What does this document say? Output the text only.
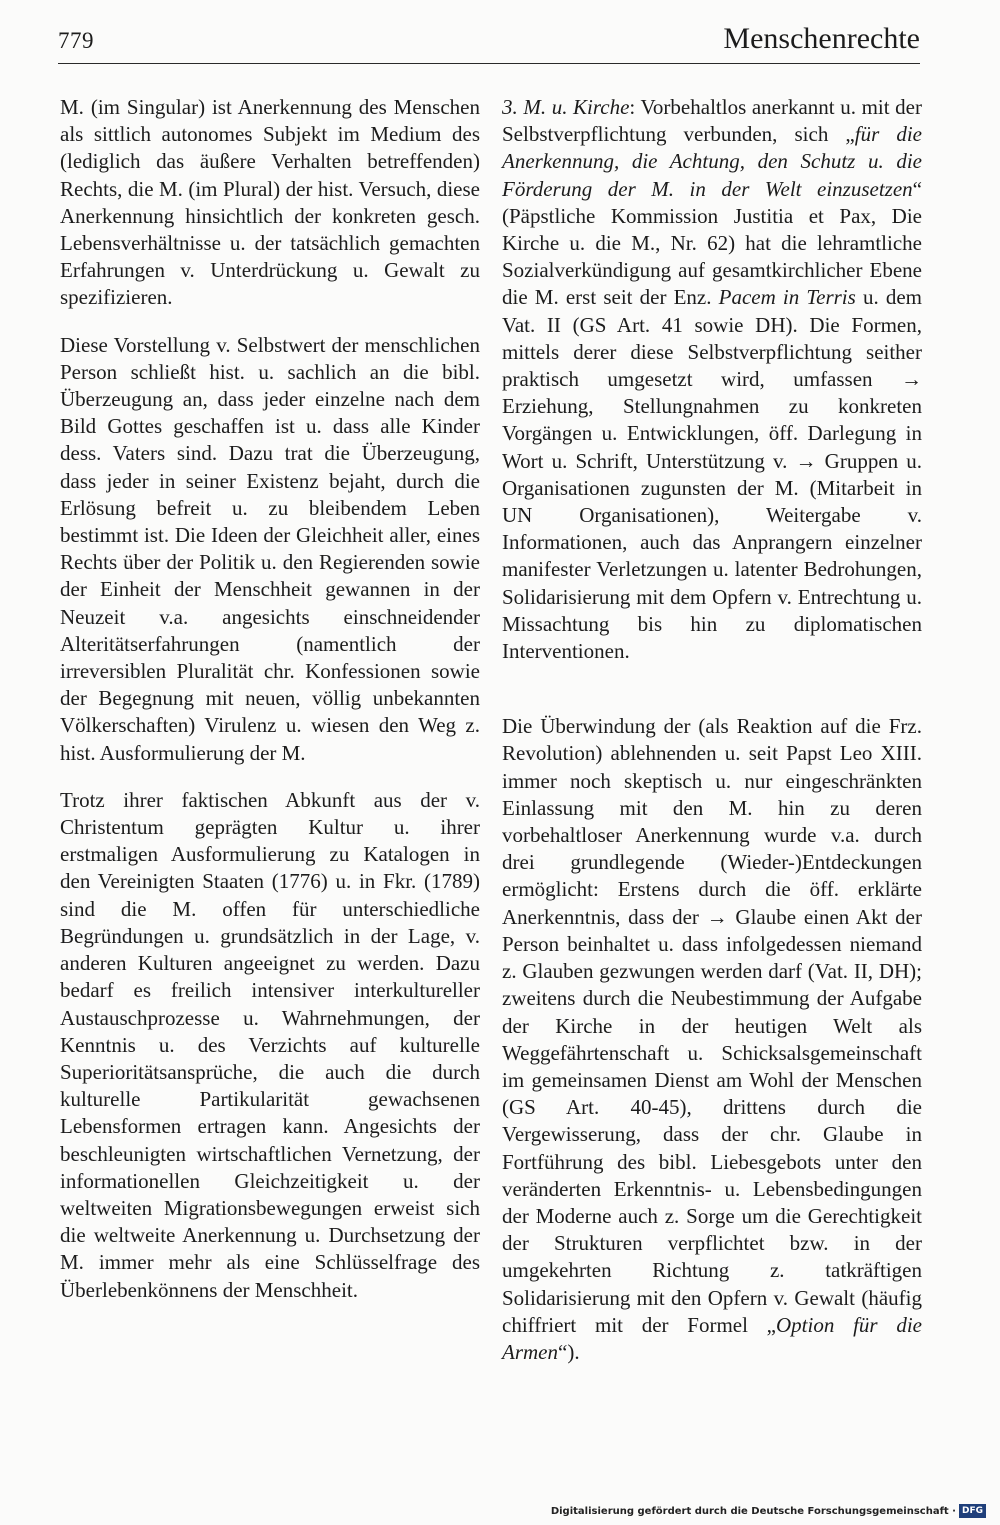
779	Menschenrechte

M. (im Singular) ist Anerkennung des Menschen als sittlich autonomes Subjekt im Medium des (lediglich das äußere Verhalten betreffenden) Rechts, die M. (im Plural) der hist. Versuch, diese Anerkennung hinsichtlich der konkreten gesch. Lebensverhältnisse u. der tatsächlich gemachten Erfahrungen v. Unterdrückung u. Gewalt zu spezifizieren.

Diese Vorstellung v. Selbstwert der menschlichen Person schließt hist. u. sachlich an die bibl. Überzeugung an, dass jeder einzelne nach dem Bild Gottes geschaffen ist u. dass alle Kinder dess. Vaters sind. Dazu trat die Überzeugung, dass jeder in seiner Existenz bejaht, durch die Erlösung befreit u. zu bleibendem Leben bestimmt ist. Die Ideen der Gleichheit aller, eines Rechts über der Politik u. den Regierenden sowie der Einheit der Menschheit gewannen in der Neuzeit v.a. angesichts einschneidender Alteritätserfahrungen (namentlich der irreversiblen Pluralität chr. Konfessionen sowie der Begegnung mit neuen, völlig unbekannten Völkerschaften) Virulenz u. wiesen den Weg z. hist. Ausformulierung der M.

Trotz ihrer faktischen Abkunft aus der v. Christentum geprägten Kultur u. ihrer erstmaligen Ausformulierung zu Katalogen in den Vereinigten Staaten (1776) u. in Fkr. (1789) sind die M. offen für unterschiedliche Begründungen u. grundsätzlich in der Lage, v. anderen Kulturen angeeignet zu werden. Dazu bedarf es freilich intensiver interkultureller Austauschprozesse u. Wahrnehmungen, der Kenntnis u. des Verzichts auf kulturelle Superioritätsansprüche, die auch die durch kulturelle Partikularität gewachsenen Lebensformen ertragen kann. Angesichts der beschleunigten wirtschaftlichen Vernetzung, der informationellen Gleichzeitigkeit u. der weltweiten Migrationsbewegungen erweist sich die weltweite Anerkennung u. Durchsetzung der M. immer mehr als eine Schlüsselfrage des Überlebenkönnens der Menschheit.

3. M. u. Kirche: Vorbehaltlos anerkannt u. mit der Selbstverpflichtung verbunden, sich „für die Anerkennung, die Achtung, den Schutz u. die Förderung der M. in der Welt einzusetzen“ (Päpstliche Kommission Justitia et Pax, Die Kirche u. die M., Nr. 62) hat die lehramtliche Sozialverkündigung auf gesamtkirchlicher Ebene die M. erst seit der Enz. Pacem in Terris u. dem Vat. II (GS Art. 41 sowie DH). Die Formen, mittels derer diese Selbstverpflichtung seither praktisch umgesetzt wird, umfassen → Erziehung, Stellungnahmen zu konkreten Vorgängen u. Entwicklungen, öff. Darlegung in Wort u. Schrift, Unterstützung v. → Gruppen u. Organisationen zugunsten der M. (Mitarbeit in UN Organisationen), Weitergabe v. Informationen, auch das Anprangern einzelner manifester Verletzungen u. latenter Bedrohungen, Solidarisierung mit dem Opfern v. Entrechtung u. Missachtung bis hin zu diplomatischen Interventionen.

Die Überwindung der (als Reaktion auf die Frz. Revolution) ablehnenden u. seit Papst Leo XIII. immer noch skeptisch u. nur eingeschränkten Einlassung mit den M. hin zu deren vorbehaltloser Anerkennung wurde v.a. durch drei grundlegende (Wieder-)Entdeckungen ermöglicht: Erstens durch die öff. erklärte Anerkenntnis, dass der → Glaube einen Akt der Person beinhaltet u. dass infolgedessen niemand z. Glauben gezwungen werden darf (Vat. II, DH); zweitens durch die Neubestimmung der Aufgabe der Kirche in der heutigen Welt als Weggefährtenschaft u. Schicksalsgemeinschaft im gemeinsamen Dienst am Wohl der Menschen (GS Art. 40-45), drittens durch die Vergewisserung, dass der chr. Glaube in Fortführung des bibl. Liebesgebots unter den veränderten Erkenntnis- u. Lebensbedingungen der Moderne auch z. Sorge um die Gerechtigkeit der Strukturen verpflichtet bzw. in der umgekehrten Richtung z. tatkräftigen Solidarisierung mit den Opfern v. Gewalt (häufig chiffriert mit der Formel „Option für die Armen“).

Digitalisierung gefördert durch die Deutsche Forschungsgemeinschaft · DFG
